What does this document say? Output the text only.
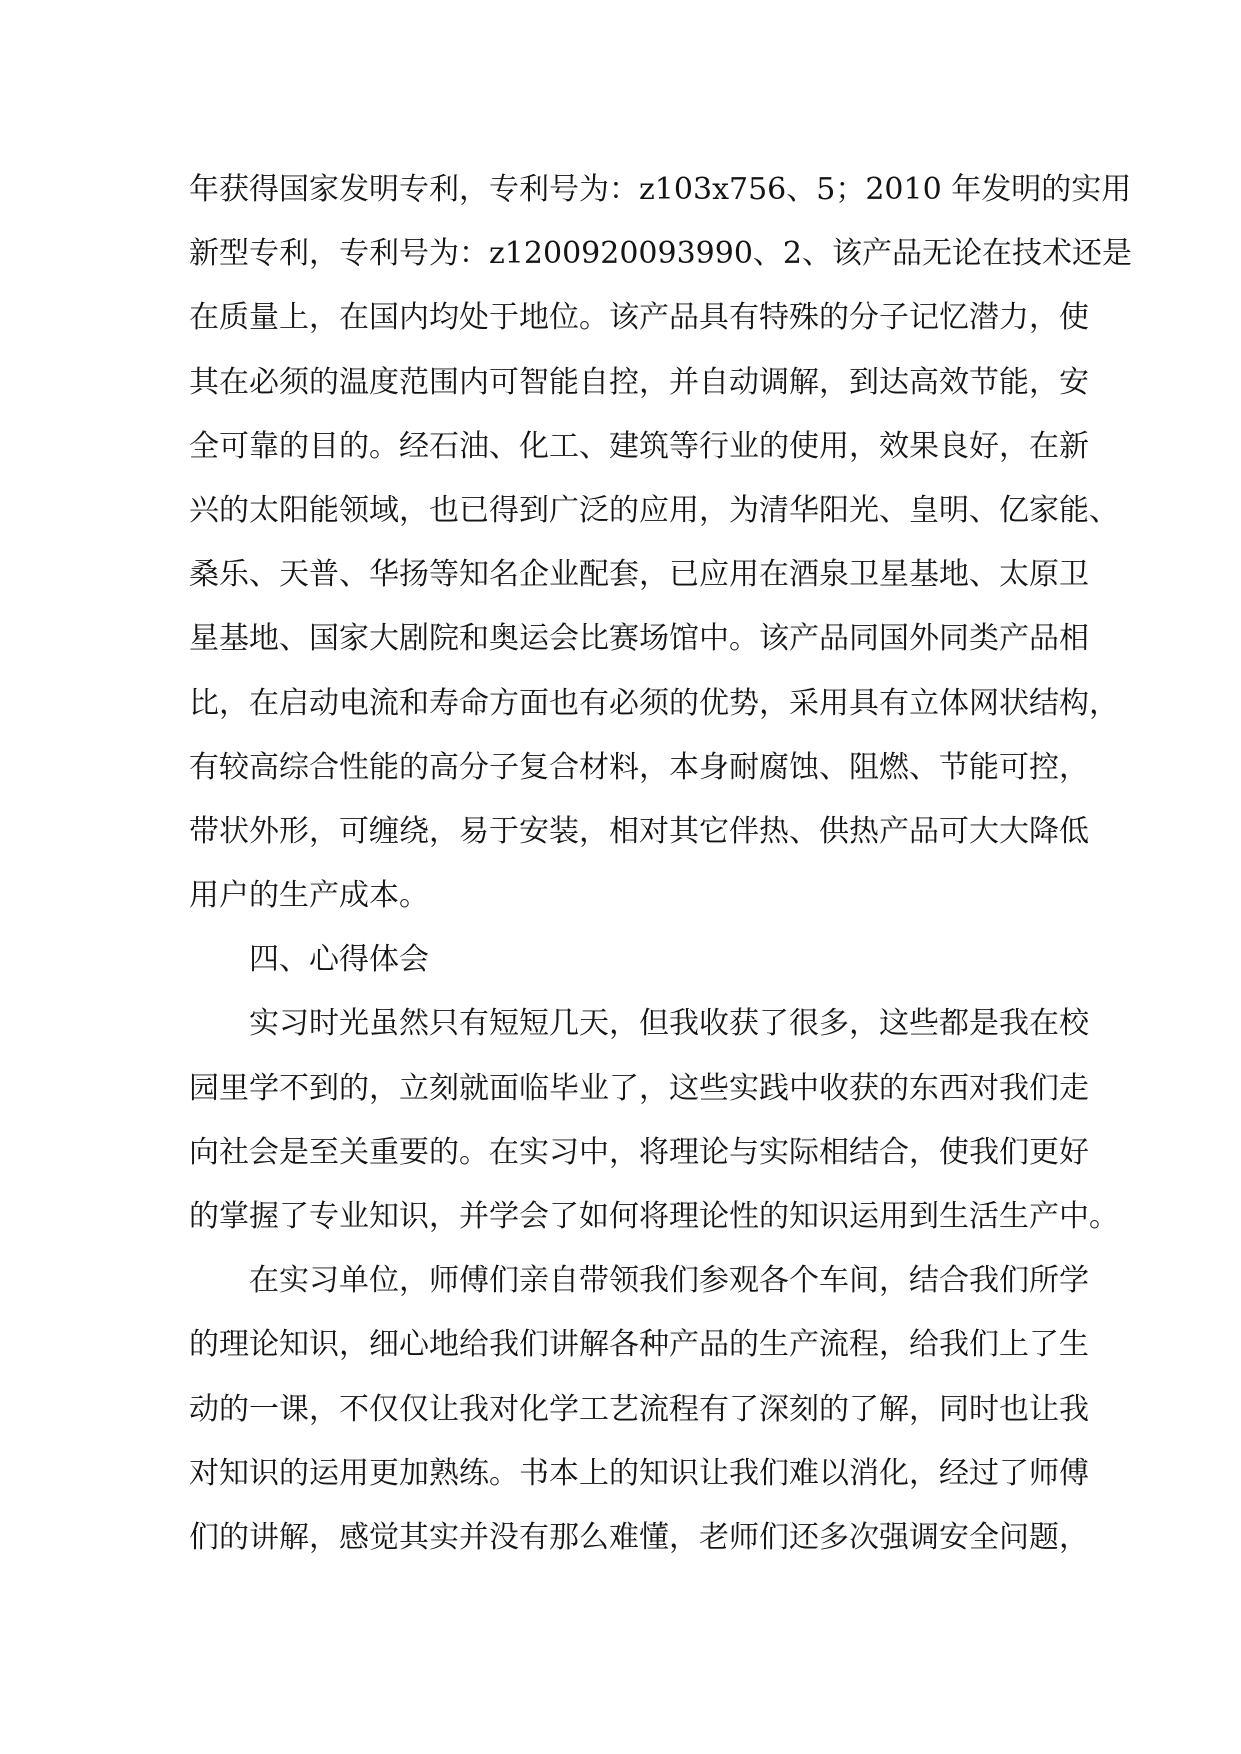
年获得国家发明专利，专利号为：z103x756、5；2010 年发明的实用
新型专利，专利号为：z1200920093990、2、该产品无论在技术还是
在质量上，在国内均处于地位。该产品具有特殊的分子记忆潜力，使
其在必须的温度范围内可智能自控，并自动调解，到达高效节能，安
全可靠的目的。经石油、化工、建筑等行业的使用，效果良好，在新
兴的太阳能领域，也已得到广泛的应用，为清华阳光、皇明、亿家能、
桑乐、天普、华扬等知名企业配套，已应用在酒泉卫星基地、太原卫
星基地、国家大剧院和奥运会比赛场馆中。该产品同国外同类产品相
比，在启动电流和寿命方面也有必须的优势，采用具有立体网状结构，
有较高综合性能的高分子复合材料，本身耐腐蚀、阻燃、节能可控，
带状外形，可缠绕，易于安装，相对其它伴热、供热产品可大大降低
用户的生产成本。
四、心得体会
实习时光虽然只有短短几天，但我收获了很多，这些都是我在校
园里学不到的，立刻就面临毕业了，这些实践中收获的东西对我们走
向社会是至关重要的。在实习中，将理论与实际相结合，使我们更好
的掌握了专业知识，并学会了如何将理论性的知识运用到生活生产中。
在实习单位，师傅们亲自带领我们参观各个车间，结合我们所学
的理论知识，细心地给我们讲解各种产品的生产流程，给我们上了生
动的一课，不仅仅让我对化学工艺流程有了深刻的了解，同时也让我
对知识的运用更加熟练。书本上的知识让我们难以消化，经过了师傅
们的讲解，感觉其实并没有那么难懂，老师们还多次强调安全问题，
